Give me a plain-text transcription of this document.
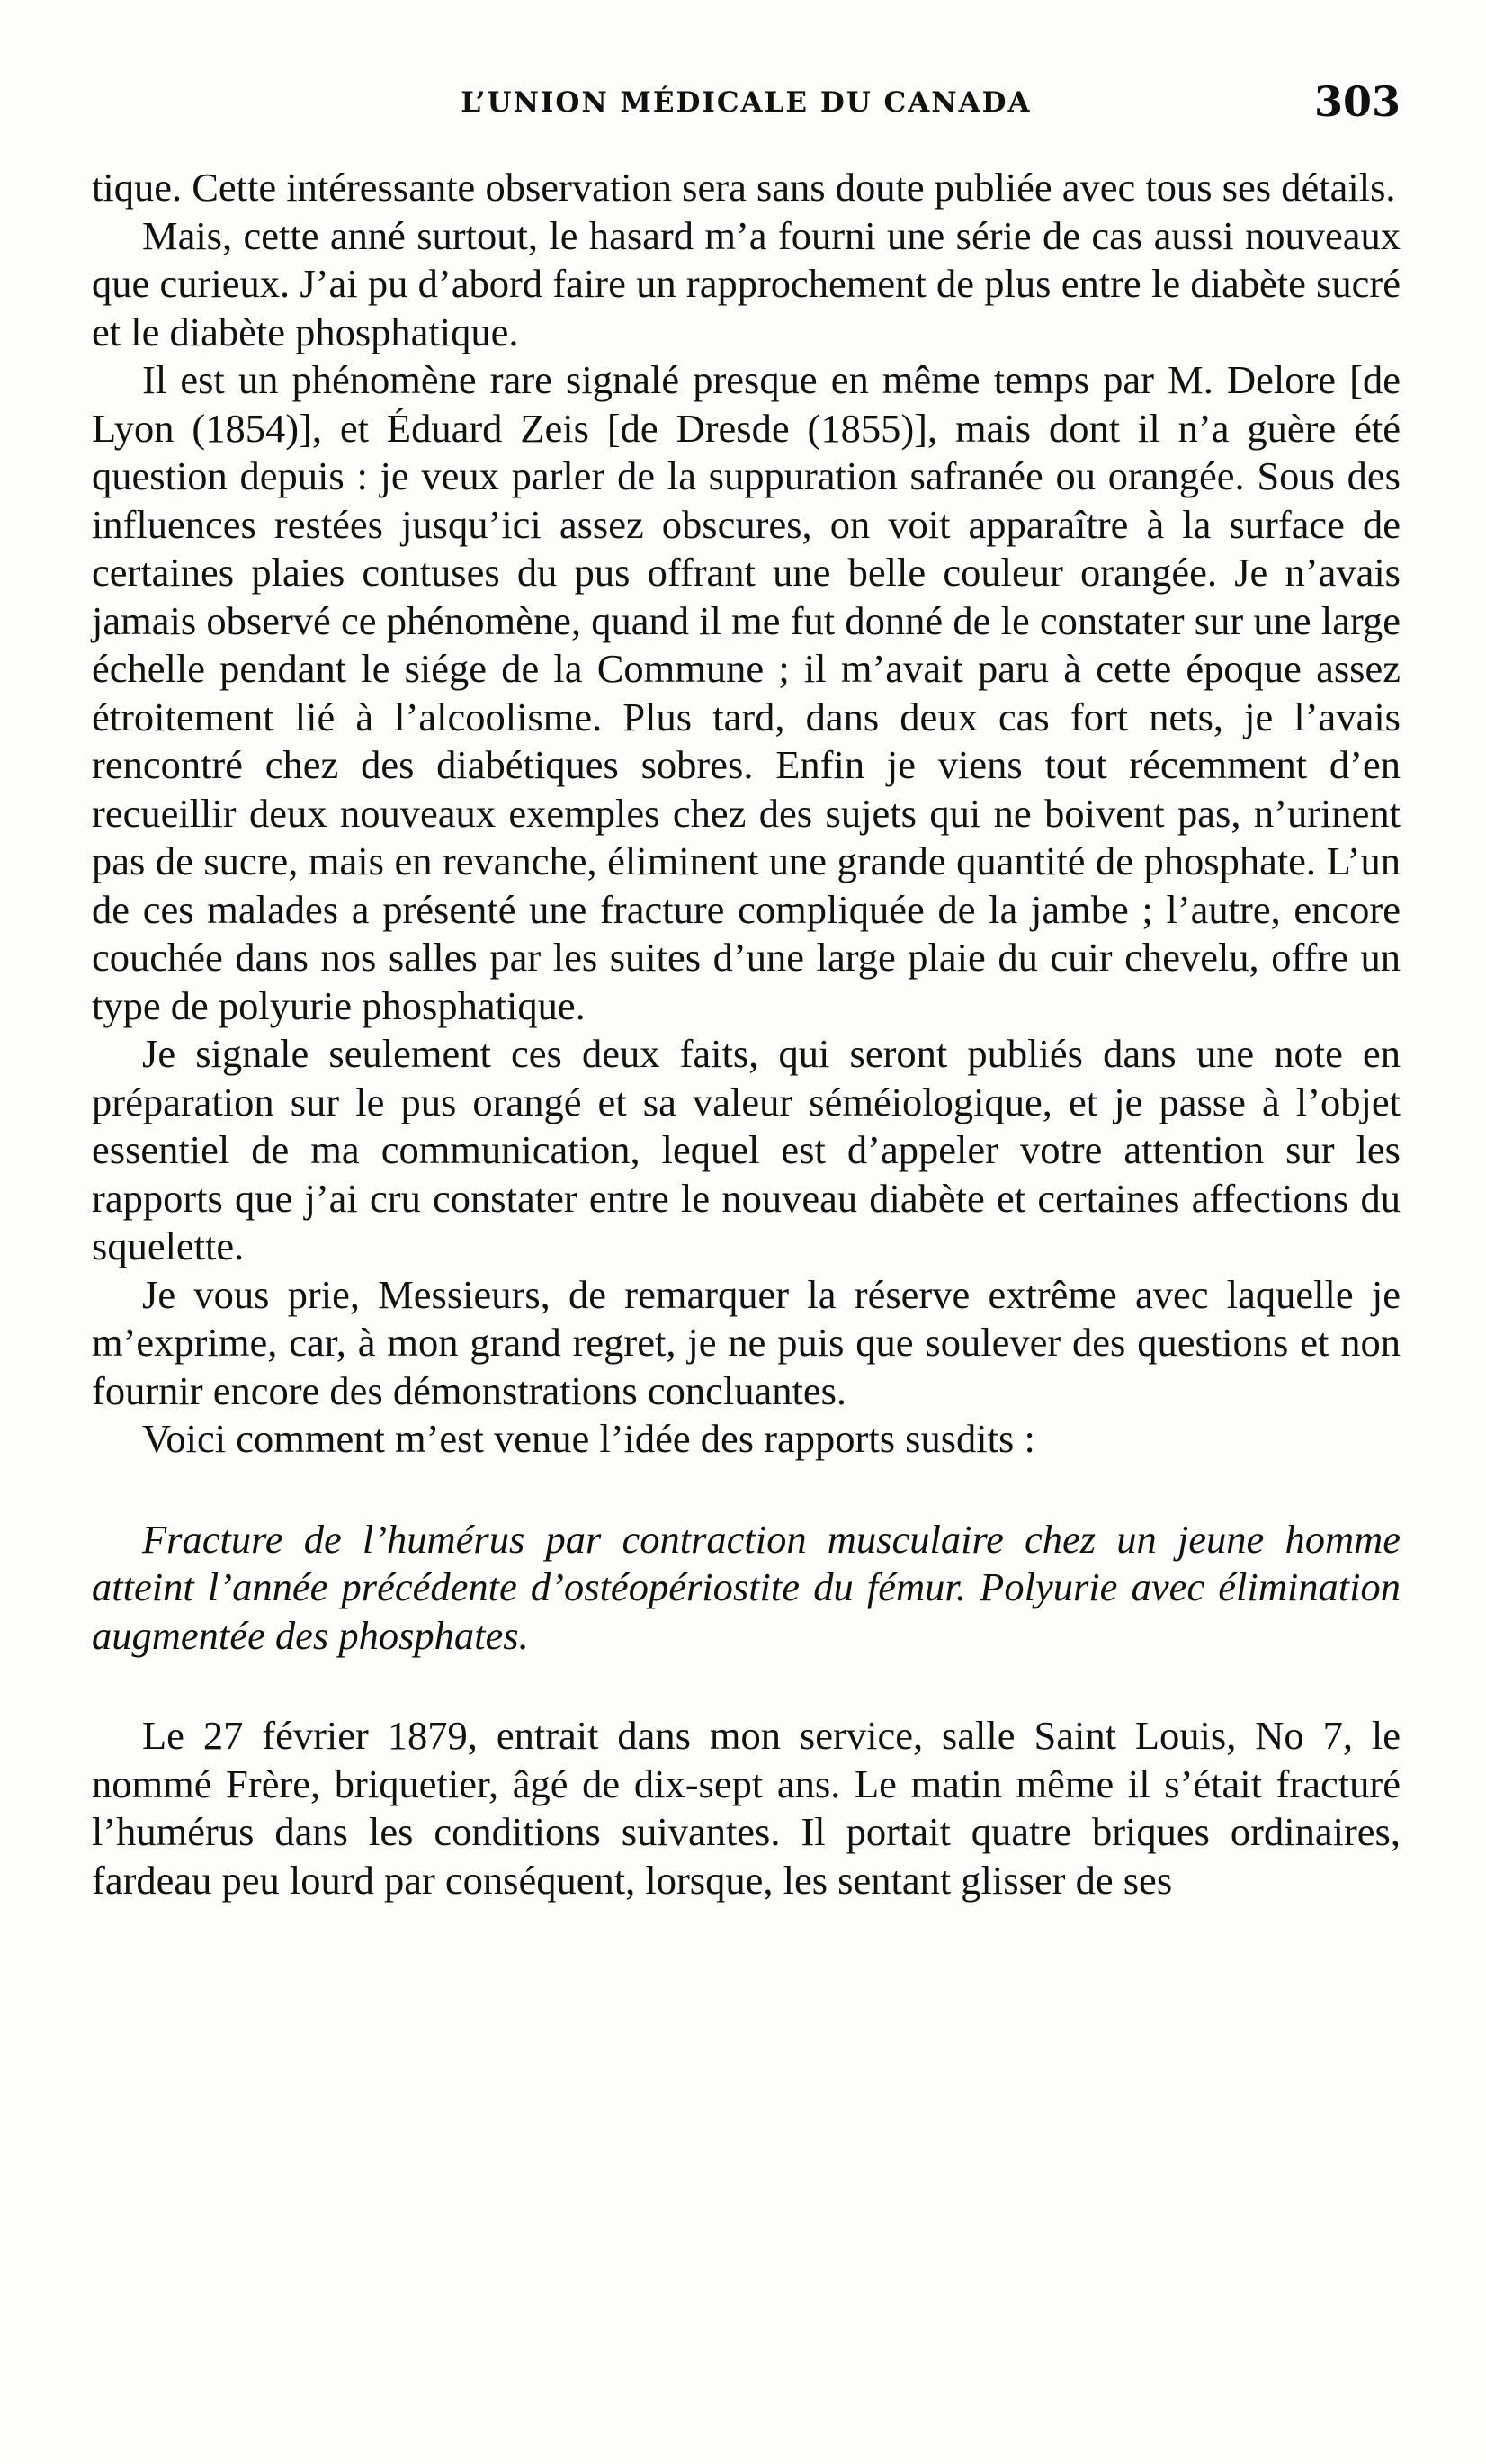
L’UNION MÉDICALE DU CANADA	303

tique. Cette intéressante observation sera sans doute publiée avec tous ses détails.

Mais, cette anné surtout, le hasard m’a fourni une série de cas aussi nouveaux que curieux. J’ai pu d’abord faire un rapprochement de plus entre le diabète sucré et le diabète phosphatique.

Il est un phénomène rare signalé presque en même temps par M. Delore [de Lyon (1854)], et Éduard Zeis [de Dresde (1855)], mais dont il n’a guère été question depuis : je veux parler de la suppuration safranée ou orangée. Sous des influences restées jusqu’ici assez obscures, on voit apparaître à la surface de certaines plaies contuses du pus offrant une belle couleur orangée. Je n’avais jamais observé ce phénomène, quand il me fut donné de le constater sur une large échelle pendant le siége de la Commune ; il m’avait paru à cette époque assez étroitement lié à l’alcoolisme. Plus tard, dans deux cas fort nets, je l’avais rencontré chez des diabétiques sobres. Enfin je viens tout récemment d’en recueillir deux nouveaux exemples chez des sujets qui ne boivent pas, n’urinent pas de sucre, mais en revanche, éliminent une grande quantité de phosphate. L’un de ces malades a présenté une fracture compliquée de la jambe ; l’autre, encore couchée dans nos salles par les suites d’une large plaie du cuir chevelu, offre un type de polyurie phosphatique.

Je signale seulement ces deux faits, qui seront publiés dans une note en préparation sur le pus orangé et sa valeur séméiologique, et je passe à l’objet essentiel de ma communication, lequel est d’appeler votre attention sur les rapports que j’ai cru constater entre le nouveau diabète et certaines affections du squelette.

Je vous prie, Messieurs, de remarquer la réserve extrême avec laquelle je m’exprime, car, à mon grand regret, je ne puis que soulever des questions et non fournir encore des démonstrations concluantes.

Voici comment m’est venue l’idée des rapports susdits :

Fracture de l’humérus par contraction musculaire chez un jeune homme atteint l’année précédente d’ostéopériostite du fémur. Polyurie avec élimination augmentée des phosphates.

Le 27 février 1879, entrait dans mon service, salle Saint Louis, No 7, le nommé Frère, briquetier, âgé de dix-sept ans. Le matin même il s’était fracturé l’humérus dans les conditions suivantes. Il portait quatre briques ordinaires, fardeau peu lourd par conséquent, lorsque, les sentant glisser de ses
